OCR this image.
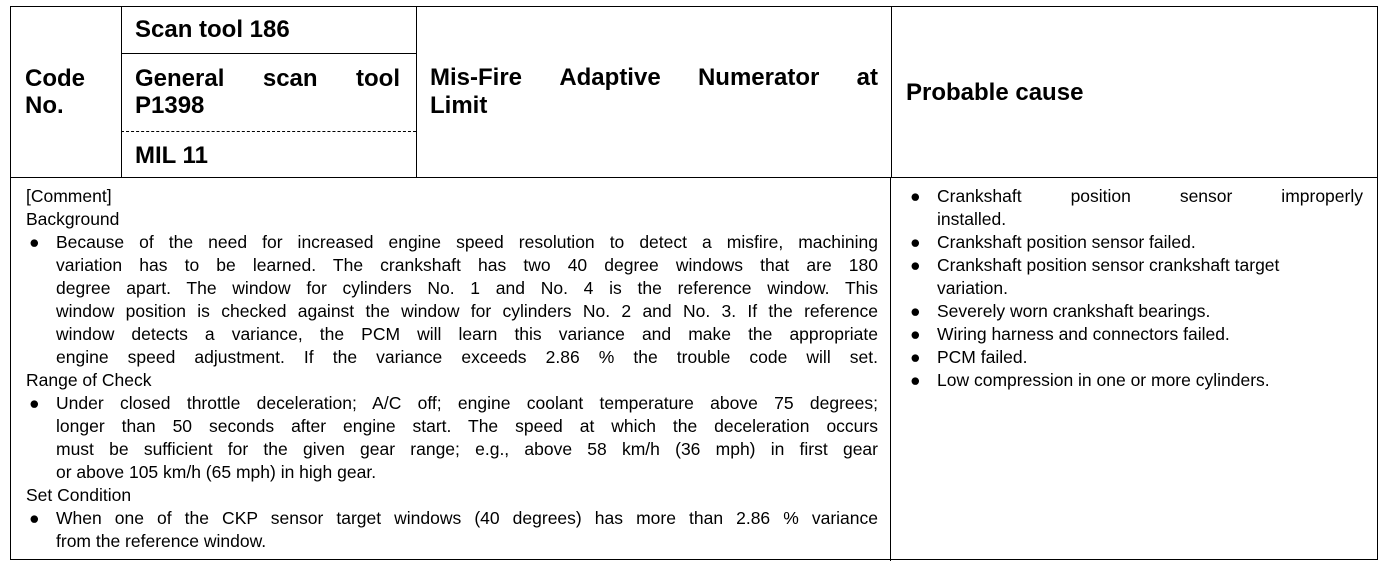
Code
No.
Scan tool 186
General scan tool
P1398
MIL 11
Mis-Fire Adaptive Numerator at
Limit	Probable cause
[Comment]
Background
● Because of the need for increased engine speed resolution to detect a misfire, machining
variation has to be learned. The crankshaft has two 40 degree windows that are 180
degree apart. The window for cylinders No. 1 and No. 4 is the reference window. This
window position is checked against the window for cylinders No. 2 and No. 3. If the reference
window detects a variance, the PCM will learn this variance and make the appropriate
engine speed adjustment. If the variance exceeds 2.86 % the trouble code will set.
Range of Check
● Under closed throttle deceleration; A/C off; engine coolant temperature above 75 degrees;
longer than 50 seconds after engine start. The speed at which the deceleration occurs
must be sufficient for the given gear range; e.g., above 58 km/h (36 mph) in first gear
or above 105 km/h (65 mph) in high gear.
Set Condition
● When one of the CKP sensor target windows (40 degrees) has more than 2.86 % variance
from the reference window.
● Crankshaft position sensor improperly
installed.
● Crankshaft position sensor failed.
● Crankshaft position sensor crankshaft target
variation.
● Severely worn crankshaft bearings.
● Wiring harness and connectors failed.
● PCM failed.
● Low compression in one or more cylinders.
